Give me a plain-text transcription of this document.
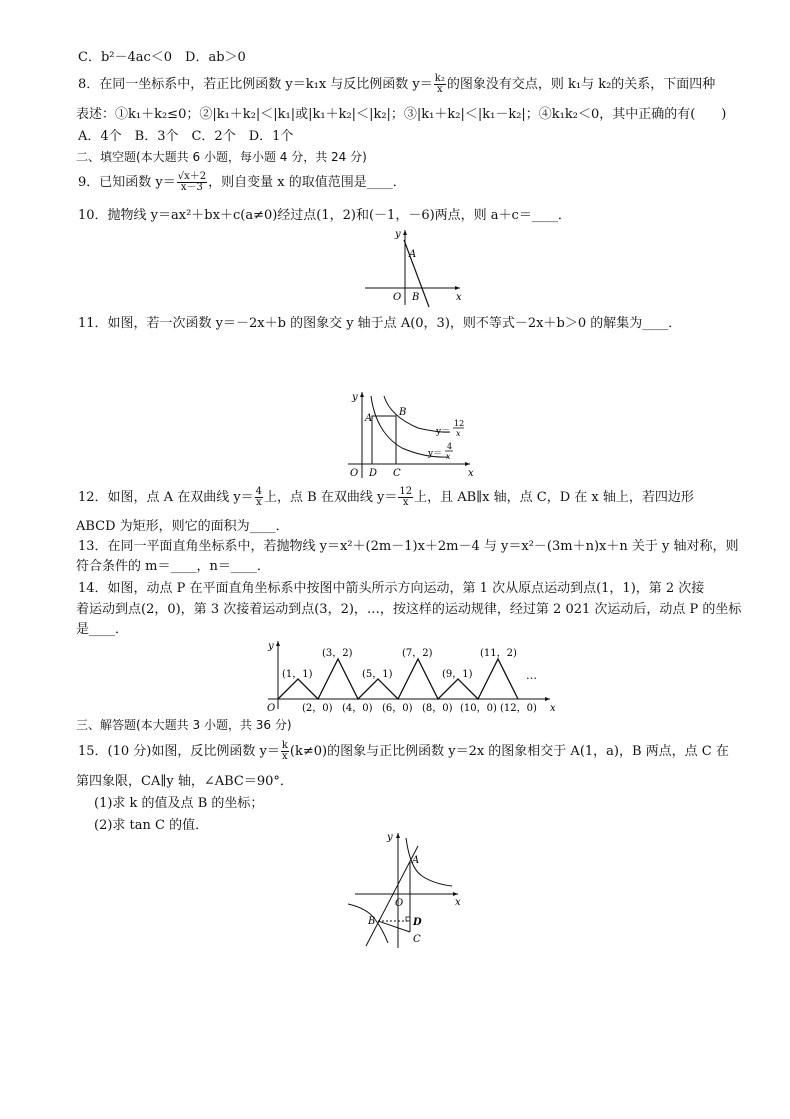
C．b²－4ac＜0　D．ab＞0
8．在同一坐标系中，若正比例函数 y＝k₁x 与反比例函数 $y= \frac{\text{k₂}}{x}$ 的图象没有交点，则 k₁与 k₂的关系，下面四种
表述：①k₁＋k₂≤0；②|k₁＋k₂|＜|k₁|或|k₁＋k₂|＜|k₂|；③|k₁＋k₂|＜|k₁－k₂|；④k₁k₂＜0，其中正确的有(　　)
A．4个　B．3个　C．2个　D．1个
二、填空题(本大题共 6 小题，每小题 4 分，共 24 分)
9．已知函数 $y= \frac{√x+2}{x-3}$ ，则自变量 x 的取值范围是____．
10．抛物线 y＝ax²＋bx＋c(a≠0)经过点(1，2)和(－1，－6)两点，则 a＋c＝____．
y
x
O
A
B
11．如图，若一次函数 y＝－2x＋b 的图象交 y 轴于点 A(0，3)，则不等式－2x＋b＞0 的解集为____．
y
x
O
A
B
D C
y＝
12
x
y＝
4
x
12．如图，点 A 在双曲线 $y= \frac{4}{x}$ 上，点 B 在双曲线 $y= \frac{12}{x}$ 上，且 AB∥x 轴，点 C，D 在 x 轴上，若四边形
ABCD 为矩形，则它的面积为____．
13．在同一平面直角坐标系中，若抛物线 y＝x²＋(2m－1)x＋2m－4 与 y＝x²－(3m＋n)x＋n 关于 y 轴对称，则
符合条件的 m＝____，n＝____．
14．如图，动点 P 在平面直角坐标系中按图中箭头所示方向运动，第 1 次从原点运动到点(1，1)，第 2 次接
着运动到点(2，0)，第 3 次接着运动到点(3，2)，…，按这样的运动规律，经过第 2 021 次运动后，动点 P 的坐标
是____．
y
x
O
(1，1)
(3，2)
(5，1)
(7，2)
(9，1)
(11，2)
(2，0) (4，0) (6，0) (8，0) (10，0) (12，0)
…
三、解答题(本大题共 3 小题，共 36 分)
15．(10 分)如图，反比例函数 $y= \frac{k}{x} (k\ne 0)$的图象与正比例函数 y＝2x 的图象相交于 A(1，a)，B 两点，点 C 在
第四象限，CA∥y 轴，∠ABC＝90°．
(1)求 k 的值及点 B 的坐标；
(2)求 tan C 的值．
y
x
O
A
B	D
C
